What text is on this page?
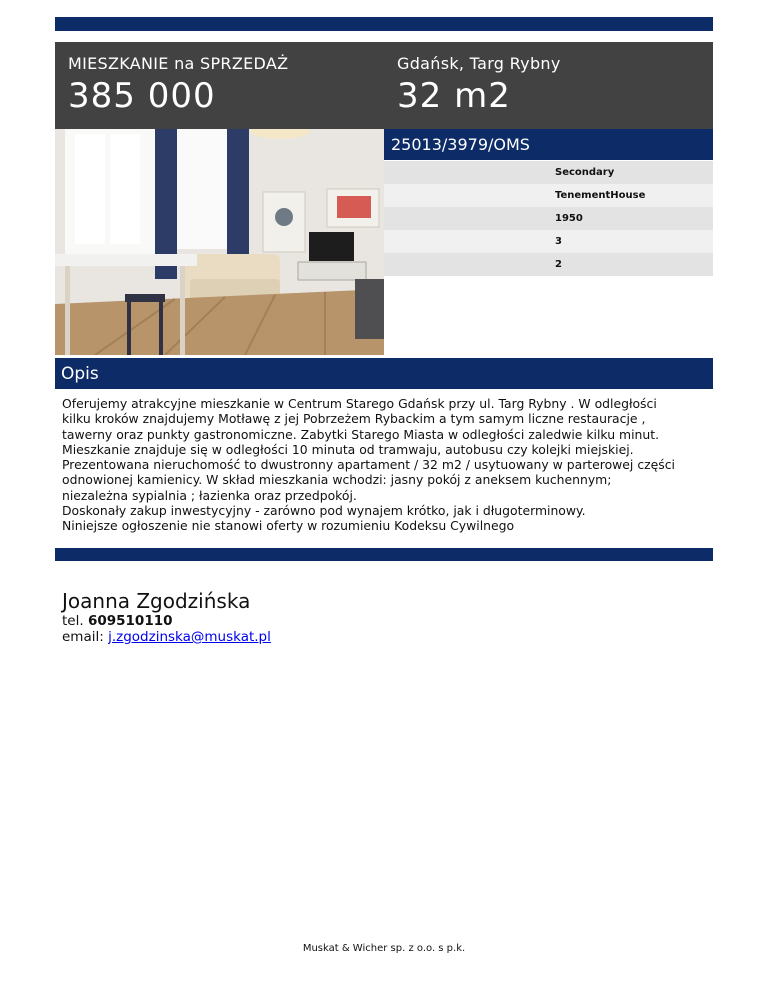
MIESZKANIE na SPRZEDAŻ
385 000
Gdańsk, Targ Rybny
32 m2
25013/3979/OMS
Secondary
TenementHouse
1950
3
2
Opis
Oferujemy atrakcyjne mieszkanie w Centrum Starego Gdańsk przy ul. Targ Rybny . W odległości
kilku kroków znajdujemy Motławę z jej Pobrzeżem Rybackim a tym samym liczne restauracje ,
tawerny oraz punkty gastronomiczne. Zabytki Starego Miasta w odległości zaledwie kilku minut.
Mieszkanie znajduje się w odległości 10 minuta od tramwaju, autobusu czy kolejki miejskiej.
Prezentowana nieruchomość to dwustronny apartament / 32 m2 / usytuowany w parterowej części
odnowionej kamienicy. W skład mieszkania wchodzi: jasny pokój z aneksem kuchennym;
niezależna sypialnia ; łazienka oraz przedpokój.
Doskonały zakup inwestycyjny - zarówno pod wynajem krótko, jak i długoterminowy.
Niniejsze ogłoszenie nie stanowi oferty w rozumieniu Kodeksu Cywilnego
Joanna Zgodzińska
tel. 609510110
email: j.zgodzinska@muskat.pl
Muskat & Wicher sp. z o.o. s p.k.
